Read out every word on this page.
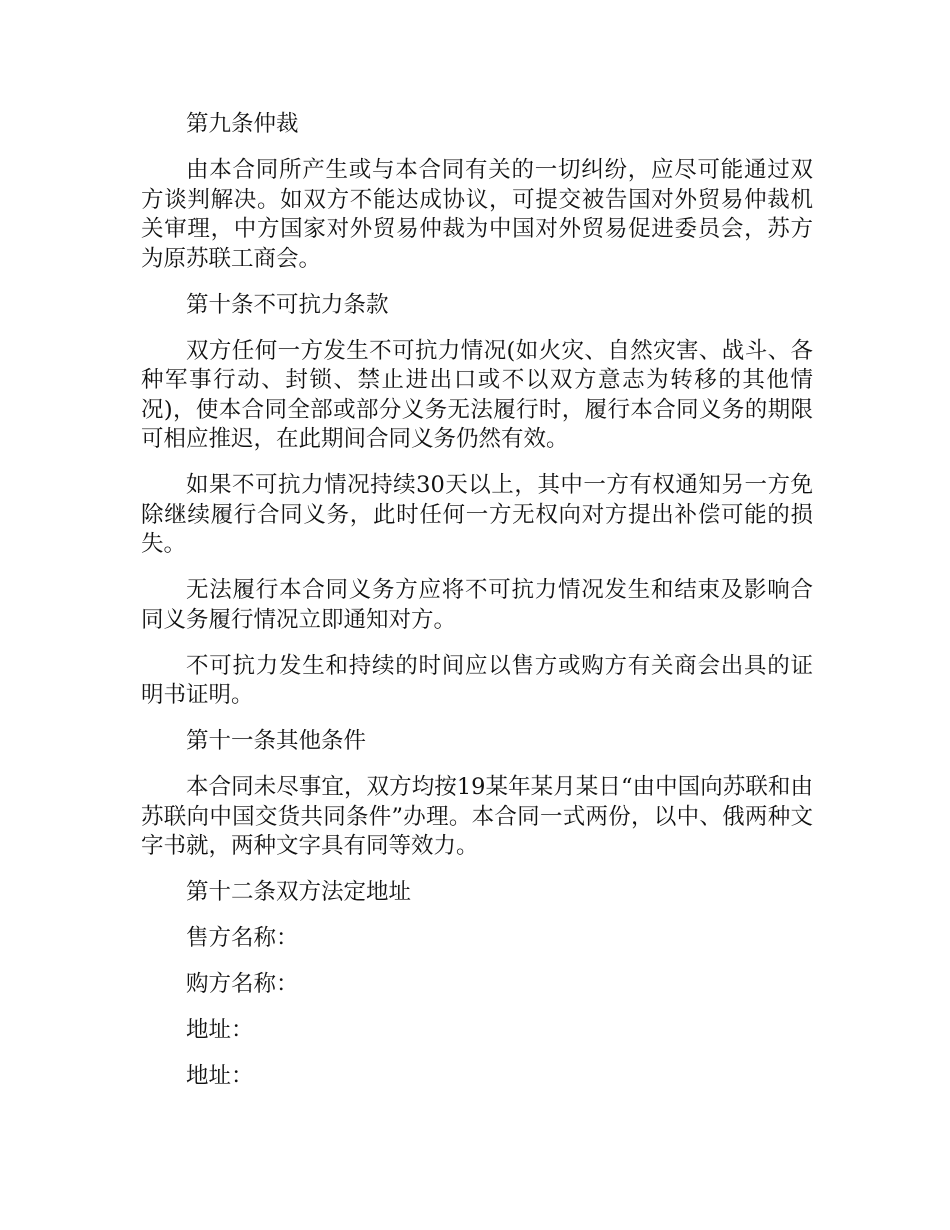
第九条仲裁

由本合同所产生或与本合同有关的一切纠纷，应尽可能通过双方谈判解决。如双方不能达成协议，可提交被告国对外贸易仲裁机关审理，中方国家对外贸易仲裁为中国对外贸易促进委员会，苏方为原苏联工商会。

第十条不可抗力条款

双方任何一方发生不可抗力情况(如火灾、自然灾害、战斗、各种军事行动、封锁、禁止进出口或不以双方意志为转移的其他情况)，使本合同全部或部分义务无法履行时，履行本合同义务的期限可相应推迟，在此期间合同义务仍然有效。

如果不可抗力情况持续30天以上，其中一方有权通知另一方免除继续履行合同义务，此时任何一方无权向对方提出补偿可能的损失。

无法履行本合同义务方应将不可抗力情况发生和结束及影响合同义务履行情况立即通知对方。

不可抗力发生和持续的时间应以售方或购方有关商会出具的证明书证明。

第十一条其他条件

本合同未尽事宜，双方均按19某年某月某日“由中国向苏联和由苏联向中国交货共同条件”办理。本合同一式两份，以中、俄两种文字书就，两种文字具有同等效力。

第十二条双方法定地址

售方名称：

购方名称：

地址：

地址：
